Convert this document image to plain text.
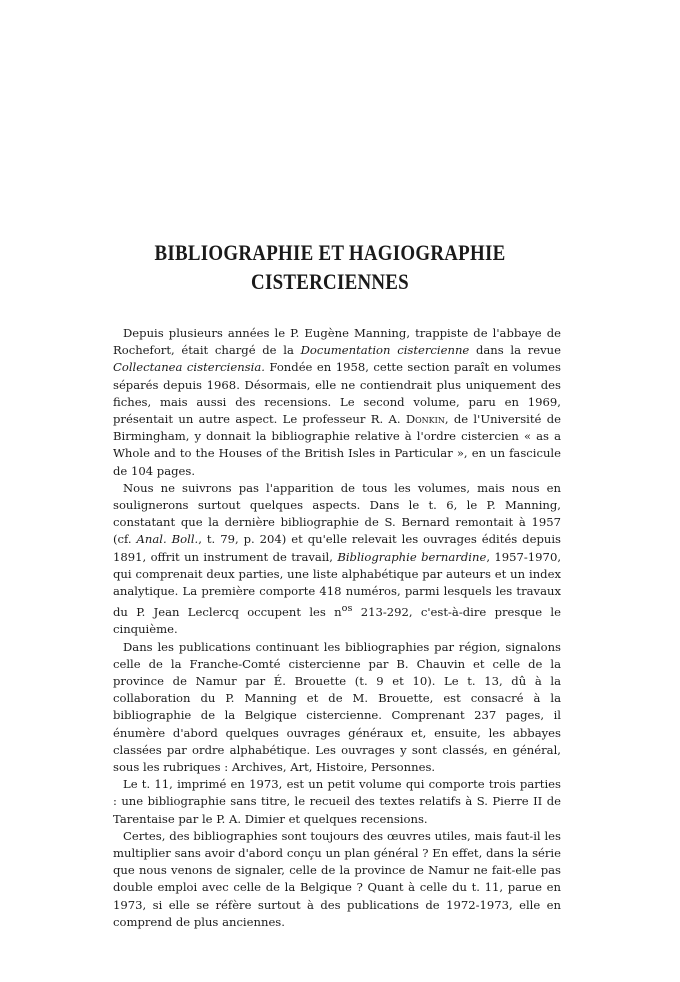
BIBLIOGRAPHIE ET HAGIOGRAPHIE
CISTERCIENNES

Depuis plusieurs années le P. Eugène Manning, trappiste de l'abbaye de Rochefort, était chargé de la Documentation cistercienne dans la revue Collectanea cisterciensia. Fondée en 1958, cette section paraît en volumes séparés depuis 1968. Désormais, elle ne contiendrait plus uniquement des fiches, mais aussi des recensions. Le second volume, paru en 1969, présentait un autre aspect. Le professeur R. A. Donkin, de l'Université de Birmingham, y donnait la bibliographie relative à l'ordre cistercien « as a Whole and to the Houses of the British Isles in Particular », en un fascicule de 104 pages.

Nous ne suivrons pas l'apparition de tous les volumes, mais nous en soulignerons surtout quelques aspects. Dans le t. 6, le P. Manning, constatant que la dernière bibliographie de S. Bernard remontait à 1957 (cf. Anal. Boll., t. 79, p. 204) et qu'elle relevait les ouvrages édités depuis 1891, offrit un instrument de travail, Bibliographie bernardine, 1957-1970, qui comprenait deux parties, une liste alphabétique par auteurs et un index analytique. La première comporte 418 numéros, parmi lesquels les travaux du P. Jean Leclercq occupent les $n^{os}$ 213-292, c'est-à-dire presque le cinquième.

Dans les publications continuant les bibliographies par région, signalons celle de la Franche-Comté cistercienne par B. Chauvin et celle de la province de Namur par É. Brouette (t. 9 et 10). Le t. 13, dû à la collaboration du P. Manning et de M. Brouette, est consacré à la bibliographie de la Belgique cistercienne. Comprenant 237 pages, il énumère d'abord quelques ouvrages généraux et, ensuite, les abbayes classées par ordre alphabétique. Les ouvrages y sont classés, en général, sous les rubriques : Archives, Art, Histoire, Personnes.

Le t. 11, imprimé en 1973, est un petit volume qui comporte trois parties : une bibliographie sans titre, le recueil des textes relatifs à S. Pierre II de Tarentaise par le P. A. Dimier et quelques recensions.

Certes, des bibliographies sont toujours des œuvres utiles, mais faut-il les multiplier sans avoir d'abord conçu un plan général ? En effet, dans la série que nous venons de signaler, celle de la province de Namur ne fait-elle pas double emploi avec celle de la Belgique ? Quant à celle du t. 11, parue en 1973, si elle se réfère surtout à des publications de 1972-1973, elle en comprend de plus anciennes.
